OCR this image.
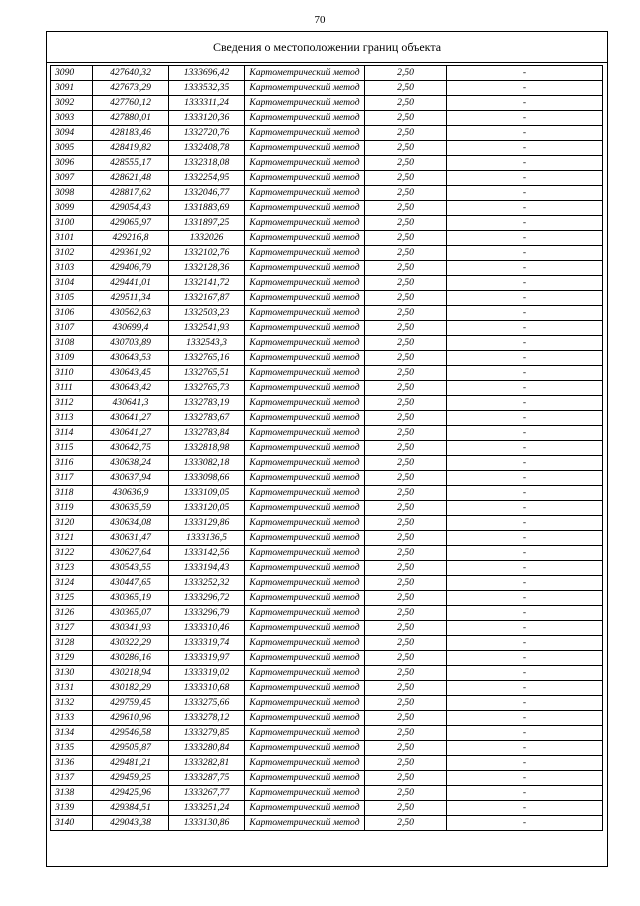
70
Сведения о местоположении границ объекта
3090	427640,32	1333696,42	Картометрический метод	2,50	-
3091	427673,29	1333532,35	Картометрический метод	2,50	-
3092	427760,12	1333311,24	Картометрический метод	2,50	-
3093	427880,01	1333120,36	Картометрический метод	2,50	-
3094	428183,46	1332720,76	Картометрический метод	2,50	-
3095	428419,82	1332408,78	Картометрический метод	2,50	-
3096	428555,17	1332318,08	Картометрический метод	2,50	-
3097	428621,48	1332254,95	Картометрический метод	2,50	-
3098	428817,62	1332046,77	Картометрический метод	2,50	-
3099	429054,43	1331883,69	Картометрический метод	2,50	-
3100	429065,97	1331897,25	Картометрический метод	2,50	-
3101	429216,8	1332026	Картометрический метод	2,50	-
3102	429361,92	1332102,76	Картометрический метод	2,50	-
3103	429406,79	1332128,36	Картометрический метод	2,50	-
3104	429441,01	1332141,72	Картометрический метод	2,50	-
3105	429511,34	1332167,87	Картометрический метод	2,50	-
3106	430562,63	1332503,23	Картометрический метод	2,50	-
3107	430699,4	1332541,93	Картометрический метод	2,50	-
3108	430703,89	1332543,3	Картометрический метод	2,50	-
3109	430643,53	1332765,16	Картометрический метод	2,50	-
3110	430643,45	1332765,51	Картометрический метод	2,50	-
3111	430643,42	1332765,73	Картометрический метод	2,50	-
3112	430641,3	1332783,19	Картометрический метод	2,50	-
3113	430641,27	1332783,67	Картометрический метод	2,50	-
3114	430641,27	1332783,84	Картометрический метод	2,50	-
3115	430642,75	1332818,98	Картометрический метод	2,50	-
3116	430638,24	1333082,18	Картометрический метод	2,50	-
3117	430637,94	1333098,66	Картометрический метод	2,50	-
3118	430636,9	1333109,05	Картометрический метод	2,50	-
3119	430635,59	1333120,05	Картометрический метод	2,50	-
3120	430634,08	1333129,86	Картометрический метод	2,50	-
3121	430631,47	1333136,5	Картометрический метод	2,50	-
3122	430627,64	1333142,56	Картометрический метод	2,50	-
3123	430543,55	1333194,43	Картометрический метод	2,50	-
3124	430447,65	1333252,32	Картометрический метод	2,50	-
3125	430365,19	1333296,72	Картометрический метод	2,50	-
3126	430365,07	1333296,79	Картометрический метод	2,50	-
3127	430341,93	1333310,46	Картометрический метод	2,50	-
3128	430322,29	1333319,74	Картометрический метод	2,50	-
3129	430286,16	1333319,97	Картометрический метод	2,50	-
3130	430218,94	1333319,02	Картометрический метод	2,50	-
3131	430182,29	1333310,68	Картометрический метод	2,50	-
3132	429759,45	1333275,66	Картометрический метод	2,50	-
3133	429610,96	1333278,12	Картометрический метод	2,50	-
3134	429546,58	1333279,85	Картометрический метод	2,50	-
3135	429505,87	1333280,84	Картометрический метод	2,50	-
3136	429481,21	1333282,81	Картометрический метод	2,50	-
3137	429459,25	1333287,75	Картометрический метод	2,50	-
3138	429425,96	1333267,77	Картометрический метод	2,50	-
3139	429384,51	1333251,24	Картометрический метод	2,50	-
3140	429043,38	1333130,86	Картометрический метод	2,50	-
